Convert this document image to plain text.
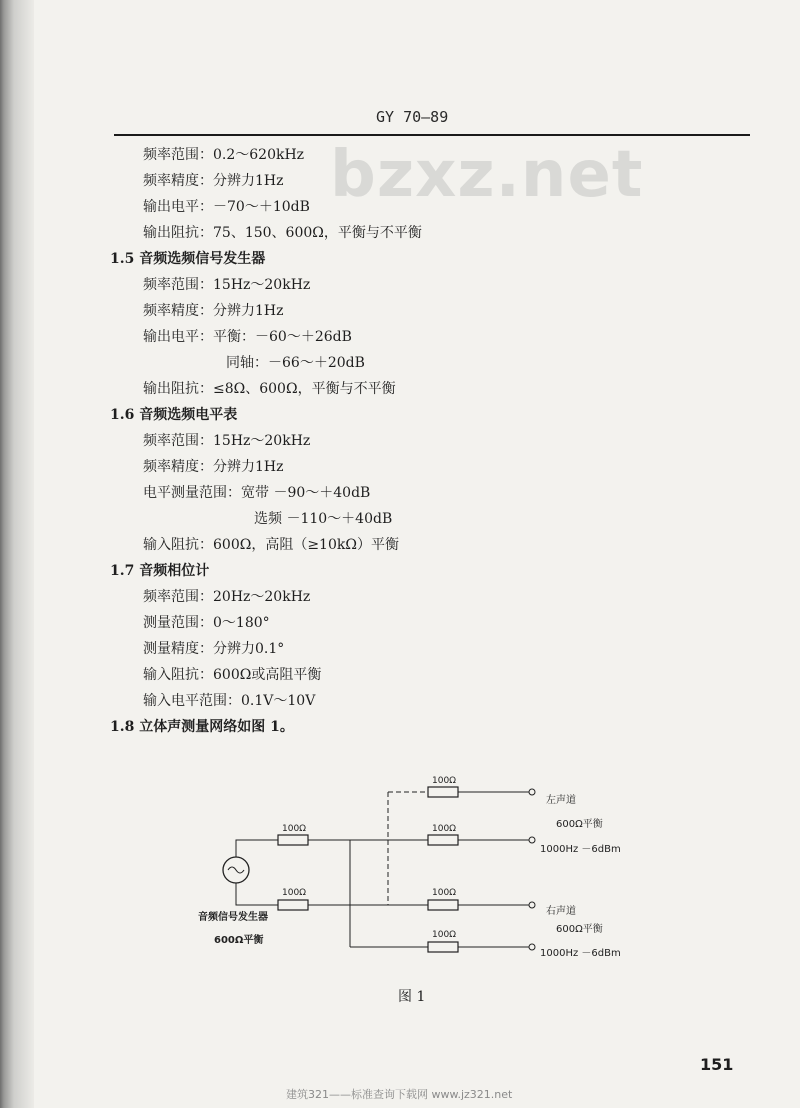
bzxz.net
GY 70—89
频率范围：0.2～620kHz
频率精度：分辨力1Hz
输出电平：－70～＋10dB
输出阻抗：75、150、600Ω，平衡与不平衡
1.5 音频选频信号发生器
频率范围：15Hz～20kHz
频率精度：分辨力1Hz
输出电平：平衡：－60～＋26dB
同轴：－66～＋20dB
输出阻抗：≤8Ω、600Ω，平衡与不平衡
1.6 音频选频电平表
频率范围：15Hz～20kHz
频率精度：分辨力1Hz
电平测量范围：宽带 －90～＋40dB
选频 －110～＋40dB
输入阻抗：600Ω，高阻（≥10kΩ）平衡
1.7 音频相位计
频率范围：20Hz～20kHz
测量范围：0～180°
测量精度：分辨力0.1°
输入阻抗：600Ω或高阻平衡
输入电平范围：0.1V～10V
1.8 立体声测量网络如图 1。
100Ω
100Ω
100Ω
100Ω
100Ω
100Ω
左声道
600Ω平衡
1000Hz －6dBm
右声道
600Ω平衡
1000Hz －6dBm
音频信号发生器
600Ω平衡
图 1
151
建筑321——标准查询下载网 www.jz321.net
